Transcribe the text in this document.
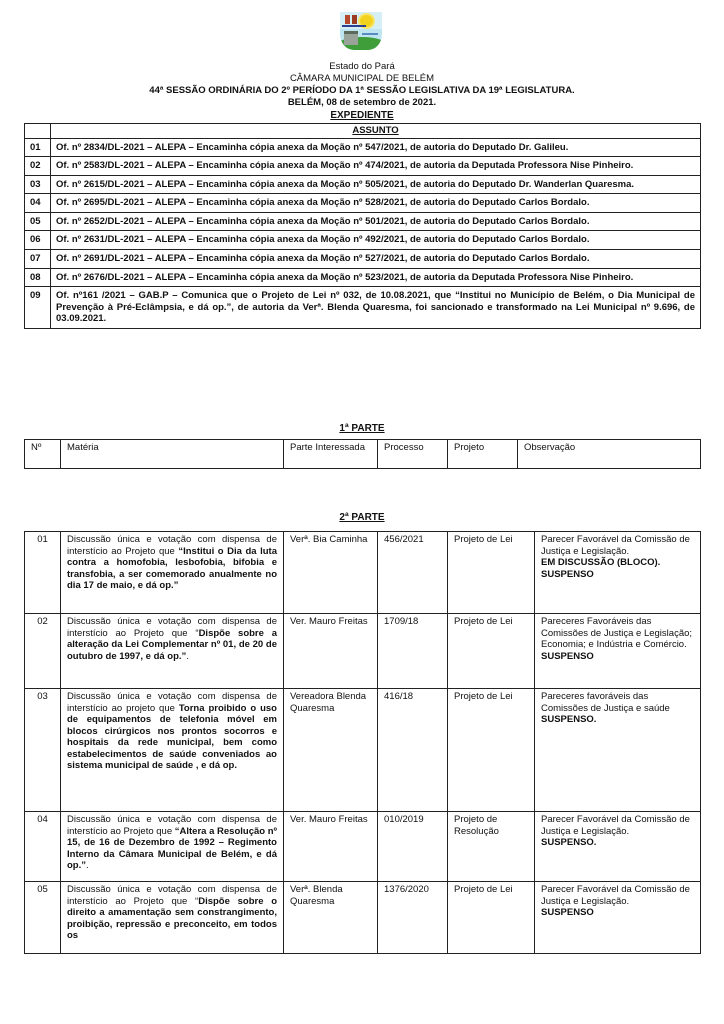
Estado do Pará
CÂMARA MUNICIPAL DE BELÉM
44ª SESSÃO ORDINÁRIA DO 2º PERÍODO DA 1ª SESSÃO LEGISLATIVA DA 19ª LEGISLATURA.
BELÉM, 08 de setembro de 2021.
EXPEDIENTE
	ASSUNTO
01	Of. nº 2834/DL-2021 – ALEPA – Encaminha cópia anexa da Moção nº 547/2021, de autoria do Deputado Dr. Galileu.
02	Of. nº 2583/DL-2021 – ALEPA – Encaminha cópia anexa da Moção nº 474/2021, de autoria da Deputada Professora Nise Pinheiro.
03	Of. nº 2615/DL-2021 – ALEPA – Encaminha cópia anexa da Moção nº 505/2021, de autoria do Deputado Dr. Wanderlan Quaresma.
04	Of. nº 2695/DL-2021 – ALEPA – Encaminha cópia anexa da Moção nº 528/2021, de autoria do Deputado Carlos Bordalo.
05	Of. nº 2652/DL-2021 – ALEPA – Encaminha cópia anexa da Moção nº 501/2021, de autoria do Deputado Carlos Bordalo.
06	Of. nº 2631/DL-2021 – ALEPA – Encaminha cópia anexa da Moção nº 492/2021, de autoria do Deputado Carlos Bordalo.
07	Of. nº 2691/DL-2021 – ALEPA – Encaminha cópia anexa da Moção nº 527/2021, de autoria do Deputado Carlos Bordalo.
08	Of. nº 2676/DL-2021 – ALEPA – Encaminha cópia anexa da Moção nº 523/2021, de autoria da Deputada Professora Nise Pinheiro.
09	Of. nº161 /2021 – GAB.P – Comunica que o Projeto de Lei nº 032, de 10.08.2021, que “Institui no Município de Belém, o Dia Municipal de Prevenção à Pré-Eclâmpsia, e dá op.”, de autoria da Verª. Blenda Quaresma, foi sancionado e transformado na Lei Municipal nº 9.696, de 03.09.2021.
1ª PARTE
Nº	Matéria	Parte Interessada	Processo	Projeto	Observação
2ª PARTE
01	Discussão única e votação com dispensa de interstício ao Projeto que “Institui o Dia da luta contra a homofobia, lesbofobia, bifobia e transfobia, a ser comemorado anualmente no dia 17 de maio, e dá op.”	Verª. Bia Caminha	456/2021	Projeto de Lei	Parecer Favorável da Comissão de Justiça e Legislação.
EM DISCUSSÃO (BLOCO).
SUSPENSO
02	Discussão única e votação com dispensa de interstício ao Projeto que “Dispõe sobre a alteração da Lei Complementar nº 01, de 20 de outubro de 1997, e dá op.”.	Ver. Mauro Freitas	1709/18	Projeto de Lei	Pareceres Favoráveis das Comissões de Justiça e Legislação; Economia; e Indústria e Comércio.
SUSPENSO
03	Discussão única e votação com dispensa de interstício ao projeto que Torna proibido o uso de equipamentos de telefonia móvel em blocos cirúrgicos nos prontos socorros e hospitais da rede municipal, bem como estabelecimentos de saúde conveniados ao sistema municipal de saúde , e dá op.	Vereadora Blenda Quaresma	416/18	Projeto de Lei	Pareceres favoráveis das Comissões de Justiça e saúde
SUSPENSO.
04	Discussão única e votação com dispensa de interstício ao Projeto que “Altera a Resolução nº 15, de 16 de Dezembro de 1992 – Regimento Interno da Câmara Municipal de Belém, e dá op.”.	Ver. Mauro Freitas	010/2019	Projeto de Resolução	Parecer Favorável da Comissão de Justiça e Legislação.
SUSPENSO.
05	Discussão única e votação com dispensa de interstício ao Projeto que “Dispõe sobre o direito a amamentação sem constrangimento, proibição, repressão e preconceito, em todos os	Verª. Blenda Quaresma	1376/2020	Projeto de Lei	Parecer Favorável da Comissão de Justiça e Legislação.
SUSPENSO
